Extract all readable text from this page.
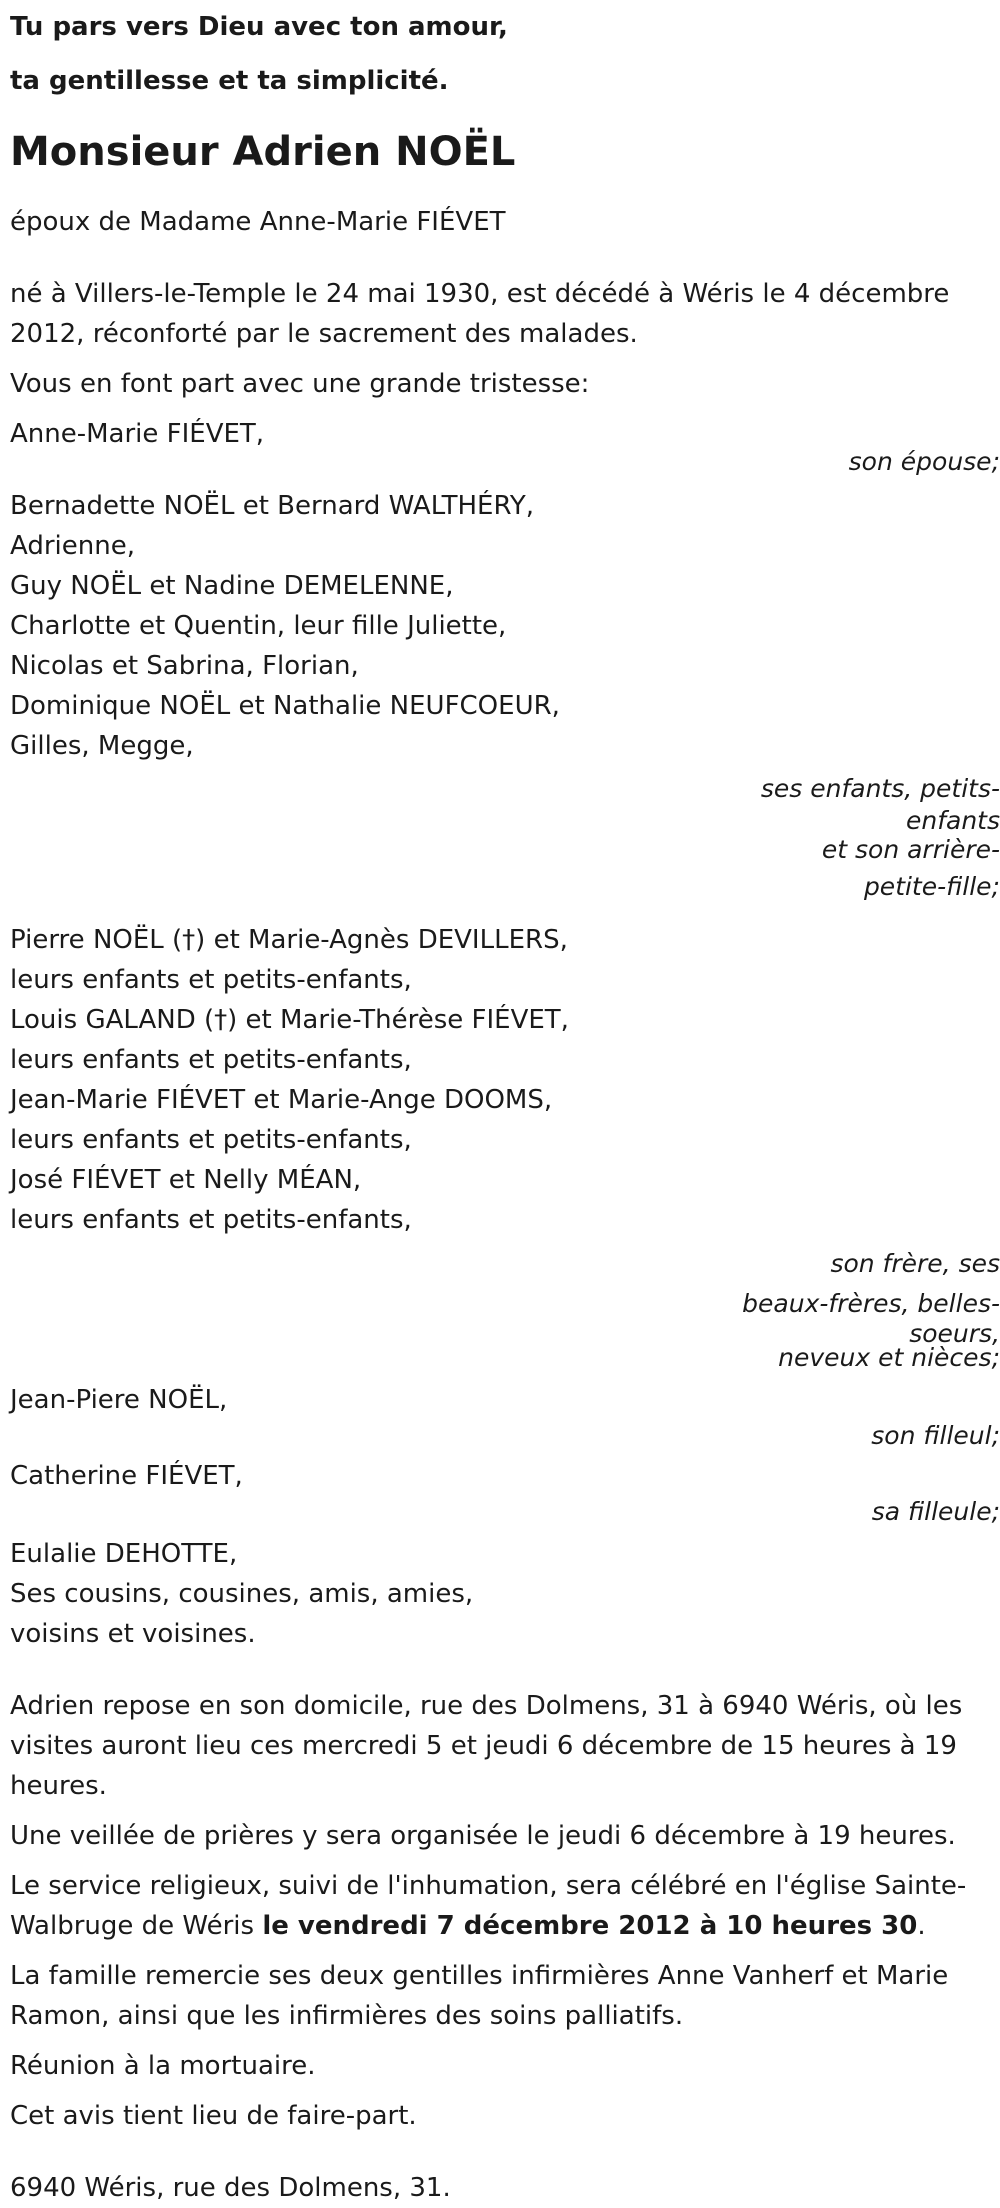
Tu pars vers Dieu avec ton amour,

ta gentillesse et ta simplicité.

Monsieur Adrien NOËL

époux de Madame Anne-Marie FIÉVET

né à Villers-le-Temple le 24 mai 1930, est décédé à Wéris le 4 décembre 2012, réconforté par le sacrement des malades.

Vous en font part avec une grande tristesse:

Anne-Marie FIÉVET,

son épouse;

Bernadette NOËL et Bernard WALTHÉRY,

Adrienne,

Guy NOËL et Nadine DEMELENNE,

Charlotte et Quentin, leur fille Juliette,

Nicolas et Sabrina, Florian,

Dominique NOËL et Nathalie NEUFCOEUR,

Gilles, Megge,

ses enfants, petits-

enfants

et son arrière-

petite-fille;

Pierre NOËL (†) et Marie-Agnès DEVILLERS,

leurs enfants et petits-enfants,

Louis GALAND (†) et Marie-Thérèse FIÉVET,

leurs enfants et petits-enfants,

Jean-Marie FIÉVET et Marie-Ange DOOMS,

leurs enfants et petits-enfants,

José FIÉVET et Nelly MÉAN,

leurs enfants et petits-enfants,

son frère, ses

beaux-frères, belles-

soeurs,

neveux et nièces;

Jean-Piere NOËL,

son filleul;

Catherine FIÉVET,

sa filleule;

Eulalie DEHOTTE,

Ses cousins, cousines, amis, amies,

voisins et voisines.

Adrien repose en son domicile, rue des Dolmens, 31 à 6940 Wéris, où les visites auront lieu ces mercredi 5 et jeudi 6 décembre de 15 heures à 19 heures.

Une veillée de prières y sera organisée le jeudi 6 décembre à 19 heures.

Le service religieux, suivi de l'inhumation, sera célébré en l'église Sainte-Walbruge de Wéris le vendredi 7 décembre 2012 à 10 heures 30.

La famille remercie ses deux gentilles infirmières Anne Vanherf et Marie Ramon, ainsi que les infirmières des soins palliatifs.

Réunion à la mortuaire.

Cet avis tient lieu de faire-part.

6940 Wéris, rue des Dolmens, 31.
